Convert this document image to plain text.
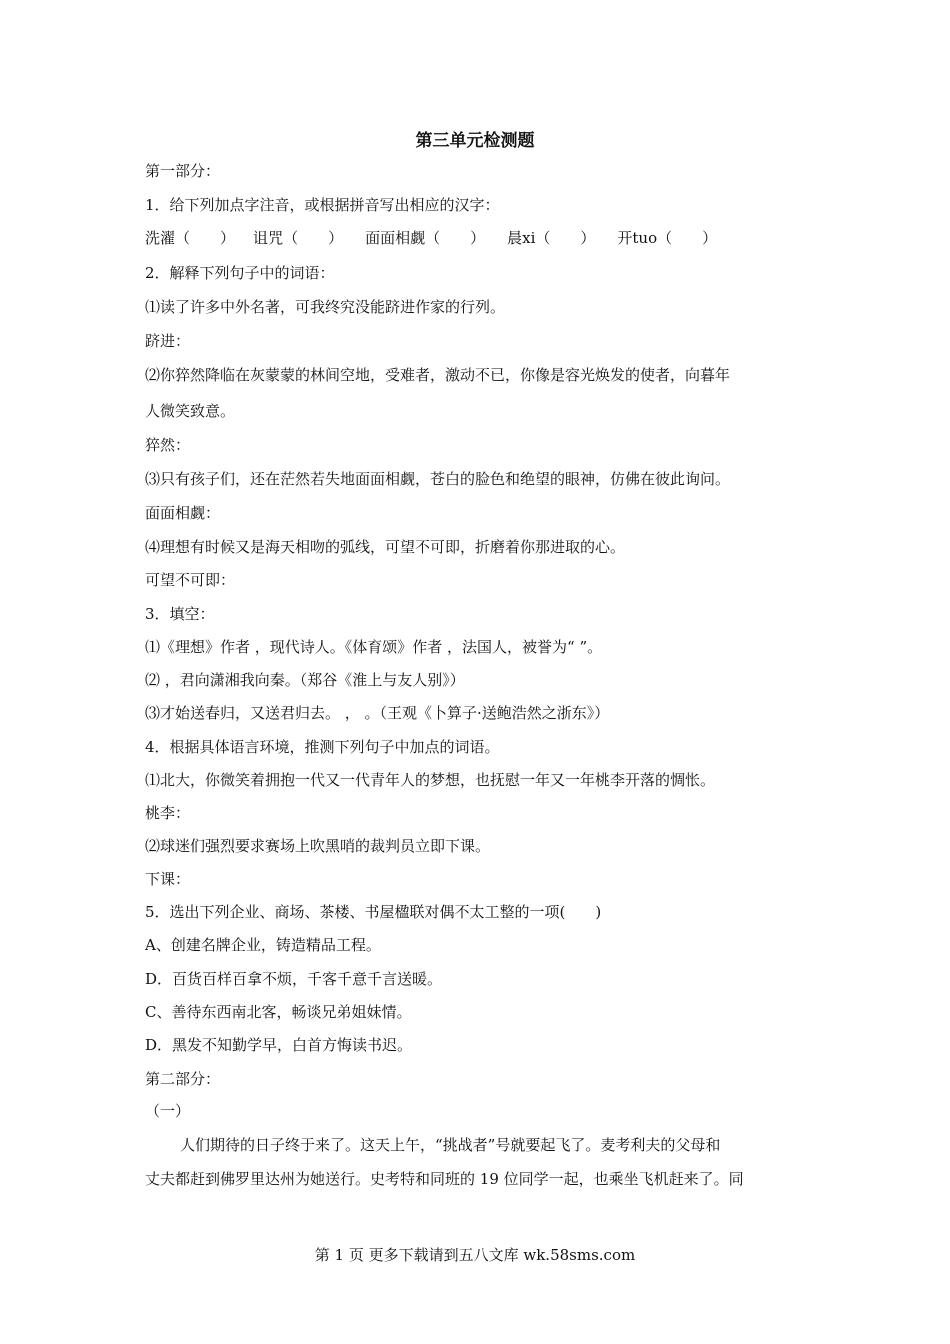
第三单元检测题
第一部分：
1．给下列加点字注音，或根据拼音写出相应的汉字：
洗濯（　　） 诅咒（　　） 面面相觑（　　） 晨xi（　　） 开tuo（　　）
2．解释下列句子中的词语：
⑴读了许多中外名著，可我终究没能跻进作家的行列。
跻进：
⑵你猝然降临在灰蒙蒙的林间空地，受难者，激动不已，你像是容光焕发的使者，向暮年
人微笑致意。
猝然：
⑶只有孩子们，还在茫然若失地面面相觑，苍白的脸色和绝望的眼神，仿佛在彼此询问。
面面相觑：
⑷理想有时候又是海天相吻的弧线，可望不可即，折磨着你那进取的心。
可望不可即：
3．填空：
⑴《理想》作者 ，现代诗人。《体育颂》作者 ，法国人，被誉为“ ”。
⑵ ，君向潇湘我向秦。（郑谷《淮上与友人别》）
⑶才始送春归，又送君归去。 ， 。（王观《卜算子·送鲍浩然之浙东》）
4．根据具体语言环境，推测下列句子中加点的词语。
⑴北大，你微笑着拥抱一代又一代青年人的梦想，也抚慰一年又一年桃李开落的惆怅。
桃李：
⑵球迷们强烈要求赛场上吹黑哨的裁判员立即下课。
下课：
5．选出下列企业、商场、茶楼、书屋楹联对偶不太工整的一项(　　)
A、创建名牌企业，铸造精品工程。
D．百货百样百拿不烦，千客千意千言送暖。
C、善待东西南北客，畅谈兄弟姐妹情。
D．黑发不知勤学早，白首方悔读书迟。
第二部分：
（一）
人们期待的日子终于来了。这天上午，“挑战者”号就要起飞了。麦考利夫的父母和
丈夫都赶到佛罗里达州为她送行。史考特和同班的 19 位同学一起，也乘坐飞机赶来了。同
第 1 页 更多下载请到五八文库 wk.58sms.com
